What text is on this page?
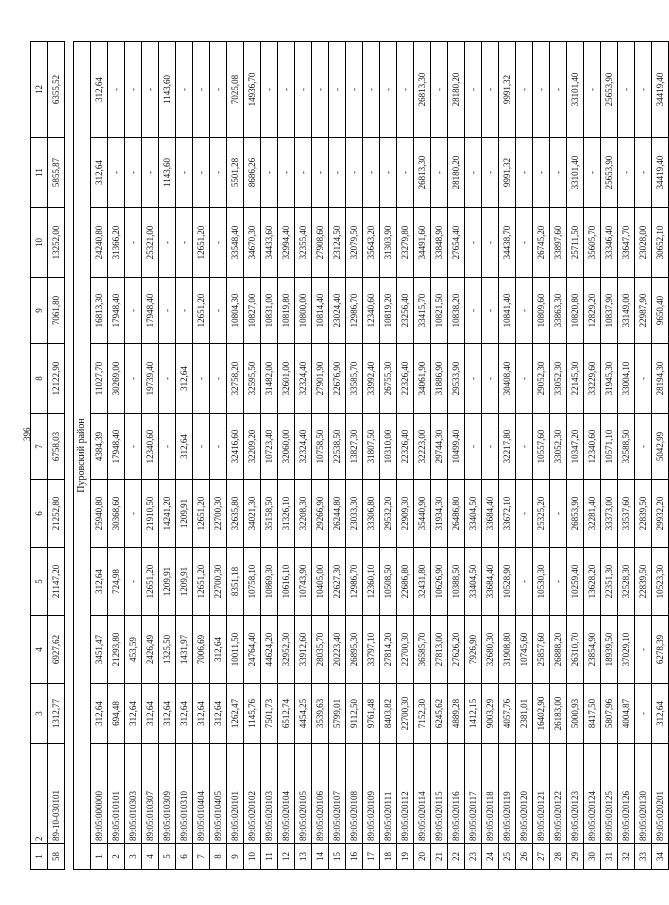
396
1	2	3	4	5	6	7	8	9	10	11	12
58	89-10-030101	1312,77	6927,62	21147,20	21252,80	6758,03	12122,90	7061,80	13252,00	5855,87	6355,52

Пуровский район											
1	89:05:000000	312,64	3451,47	312,64	25940,80	4384,39	11027,70	16813,30	24240,80	312,64	312,64
2	89:05:010101	694,48	21293,80	724,98	30368,60	17948,40	30269,00	17948,40	31366,20	-	-
3	89:05:010303	312,64	453,59	-	-	-	-	-	-	-	-
4	89:05:010307	312,64	2426,49	12651,20	21910,50	12340,60	19739,40	17948,40	25321,00	-	-
5	89:05:010309	312,64	1325,50	1209,91	14241,20	-	-	-	-	1143,60	1143,60
6	89:05:010310	312,64	1431,97	1209,91	1209,91	312,64	312,64	-	-	-	-
7	89:05:010404	312,64	7006,69	12651,20	12651,20	-	-	12651,20	12651,20	-	-
8	89:05:010405	312,64	312,64	22700,30	22700,30	-	-	-	-	-	-
9	89:05:020101	1262,47	10011,50	8351,18	32635,80	32416,60	32758,20	10804,30	33548,40	5501,28	7025,08
10	89:05:020102	1145,76	24764,40	10758,10	34021,30	32209,20	32595,50	10827,00	34670,30	8686,26	14936,70
11	89:05:020103	7501,73	44624,20	10869,30	35158,50	10723,40	31482,00	10831,00	34433,60	-	-
12	89:05:020104	6512,74	32952,30	10616,10	31326,10	32060,00	32601,00	10819,80	32994,40	-	-
13	89:05:020105	4454,25	33912,60	10743,90	32208,30	32324,40	32324,40	10800,00	32355,40	-	-
14	89:05:020106	3539,63	28035,70	10405,00	29266,90	10758,50	27901,90	10814,40	27908,60	-	-
15	89:05:020107	5799,01	20223,40	22627,30	26244,80	22538,50	22676,90	23024,40	23124,50	-	-
16	89:05:020108	9112,50	26895,30	12986,70	23033,30	13827,30	33585,70	12986,70	32079,50	-	-
17	89:05:020109	9761,48	33797,10	12360,10	33306,80	31807,50	33992,40	12340,60	35643,20	-	-
18	89:05:020111	8403,82	27814,20	10508,50	29532,20	10310,00	26755,30	10819,20	31303,90	-	-
19	89:05:020112	22700,30	22700,30	22686,80	22909,30	22326,40	22326,40	23256,40	23279,80	-	-
20	89:05:020114	7152,30	36585,70	32431,80	35440,90	32223,00	34061,90	33415,70	34491,60	26813,30	26813,30
21	89:05:020115	6245,62	27813,00	10626,90	31934,30	29744,30	31886,90	10821,50	33848,90	-	-
22	89:05:020116	4889,28	27626,20	10388,50	26486,80	10499,40	29533,90	10838,20	27654,40	28180,20	28180,20
23	89:05:020117	1412,15	7926,90	33404,50	33404,50	-	-	-	-	-	-
24	89:05:020118	9003,29	32680,30	33684,40	33684,40	-	-	-	-	-	-
25	89:05:020119	4057,76	31908,80	10528,90	33672,10	32217,80	30408,40	10841,40	34438,70	9991,32	9991,32
26	89:05:020120	2381,01	10745,60	-	-	-	-	-	-	-	-
27	89:05:020121	16402,90	25857,60	10530,30	25325,20	10557,60	29052,30	10809,60	26745,20	-	-
28	89:05:020122	26183,00	26888,20	-	-	33052,30	33052,30	33863,30	33897,60	-	-
29	89:05:020123	5000,93	26310,70	10259,40	26853,90	10347,20	22145,30	10820,80	25711,50	33101,40	33101,40
30	89:05:020124	8417,50	23854,90	13628,20	32281,40	12340,60	33229,60	12829,20	35605,70	-	-
31	89:05:020125	5807,96	18939,50	22351,30	33373,00	10571,10	31945,30	10837,90	33346,40	25653,90	25653,90
32	89:05:020126	4004,87	37029,10	32528,30	33537,60	32588,50	33004,10	33149,00	33647,70	-	-
33	89:05:020130	-	-	22839,50	22839,50	-	-	22987,90	23028,00	-	-
34	89:05:020201	312,64	6278,39	10523,30	29932,20	5042,99	28194,30	9650,40	30652,10	34419,40	34419,40
